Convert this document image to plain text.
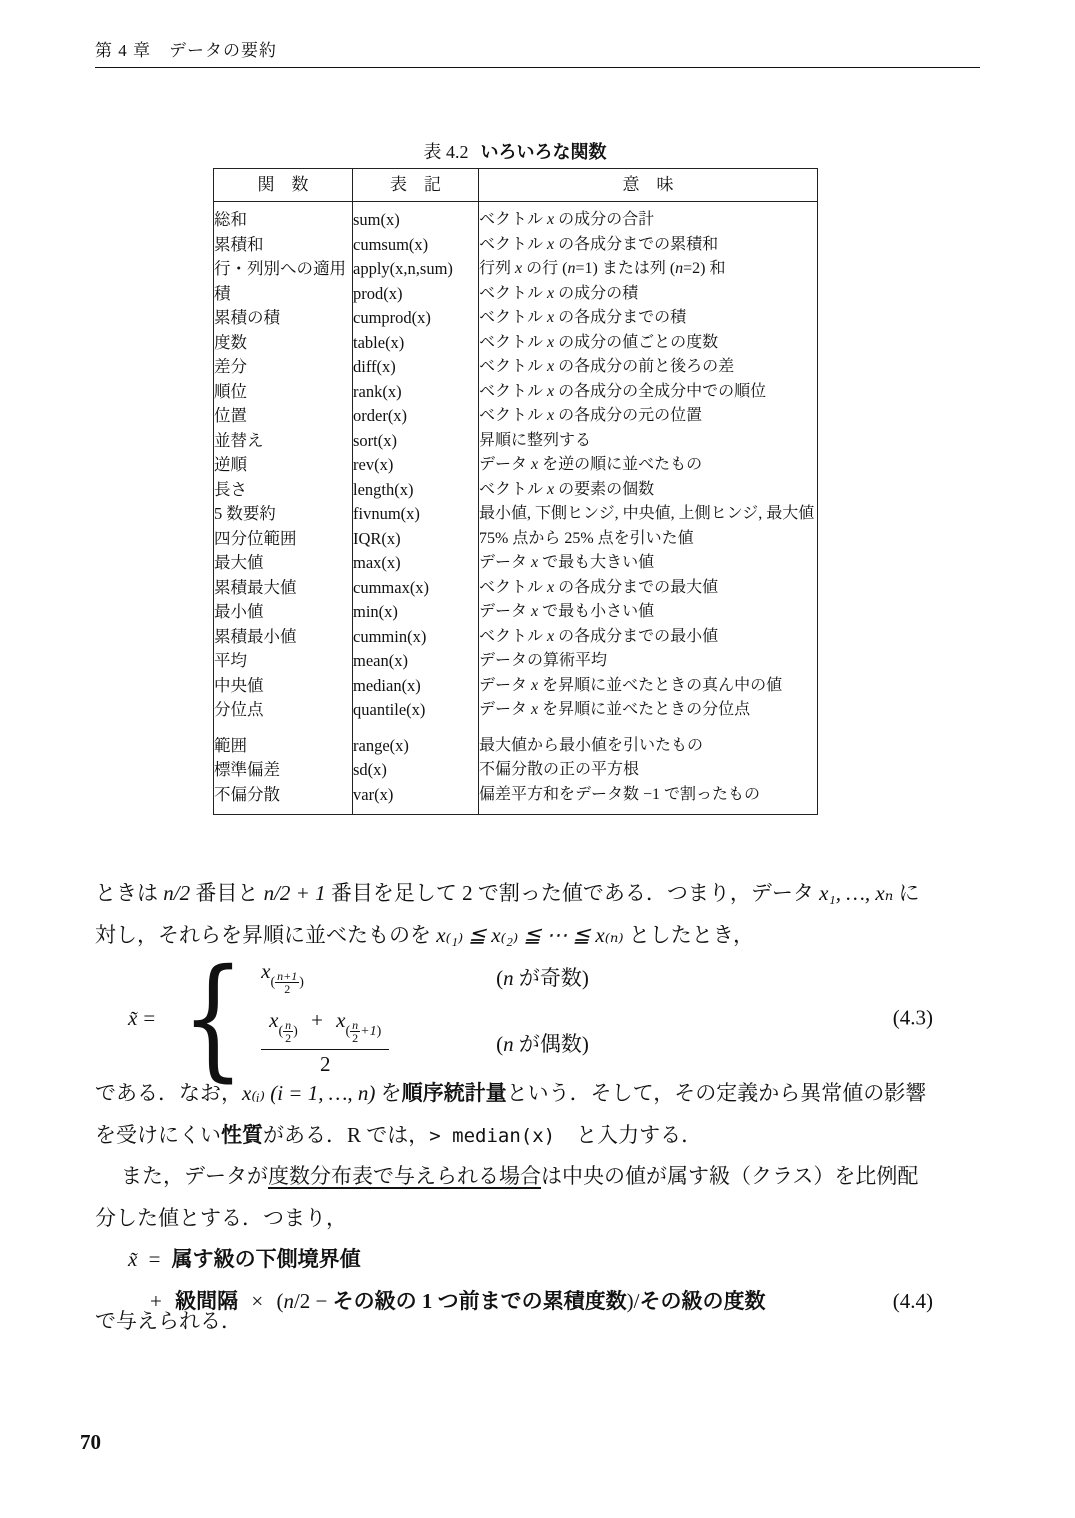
第 4 章　データの要約
表 4.2 いろいろな関数
関　数	表　記	意　味
総和	sum(x)	ベクトル x の成分の合計
累積和	cumsum(x)	ベクトル x の各成分までの累積和
行・列別への適用	apply(x,n,sum)	行列 x の行 (n=1) または列 (n=2) 和
積	prod(x)	ベクトル x の成分の積
累積の積	cumprod(x)	ベクトル x の各成分までの積
度数	table(x)	ベクトル x の成分の値ごとの度数
差分	diff(x)	ベクトル x の各成分の前と後ろの差
順位	rank(x)	ベクトル x の各成分の全成分中での順位
位置	order(x)	ベクトル x の各成分の元の位置
並替え	sort(x)	昇順に整列する
逆順	rev(x)	データ x を逆の順に並べたもの
長さ	length(x)	ベクトル x の要素の個数
5 数要約	fivnum(x)	最小値, 下側ヒンジ, 中央値, 上側ヒンジ, 最大値
四分位範囲	IQR(x)	75% 点から 25% 点を引いた値
最大値	max(x)	データ x で最も大きい値
累積最大値	cummax(x)	ベクトル x の各成分までの最大値
最小値	min(x)	データ x で最も小さい値
累積最小値	cummin(x)	ベクトル x の各成分までの最小値
平均	mean(x)	データの算術平均
中央値	median(x)	データ x を昇順に並べたときの真ん中の値
分位点	quantile(x)	データ x を昇順に並べたときの分位点
範囲	range(x)	最大値から最小値を引いたもの
標準偏差	sd(x)	不偏分散の正の平方根
不偏分散	var(x)	偏差平方和をデータ数 −1 で割ったもの
ときは n/2 番目と n/2 + 1 番目を足して 2 で割った値である．つまり，データ x₁, …, xₙ に対し，それらを昇順に並べたものを x₍₁₎ ≦ x₍₂₎ ≦ ⋯ ≦ x₍ₙ₎ としたとき，
x̃ = { $x_{( \frac{n+1}{2} )}$	(n が奇数)
$x_{( \frac{n}{2} )} + x_{( \frac{n}{2} +1)}$
2	(n が偶数)
(4.3)
である．なお，x₍ᵢ₎ (i = 1, …, n) を順序統計量という．そして，その定義から異常値の影響を受けにくい性質がある．R では，> median(x)　と入力する．
また，データが度数分布表で与えられる場合は中央の値が属す級（クラス）を比例配分した値とする．つまり，
x̃ = 属す級の下側境界値
+ 級間隔 × (n/2 − その級の 1 つ前までの累積度数)/その級の度数	(4.4)
で与えられる．
70
